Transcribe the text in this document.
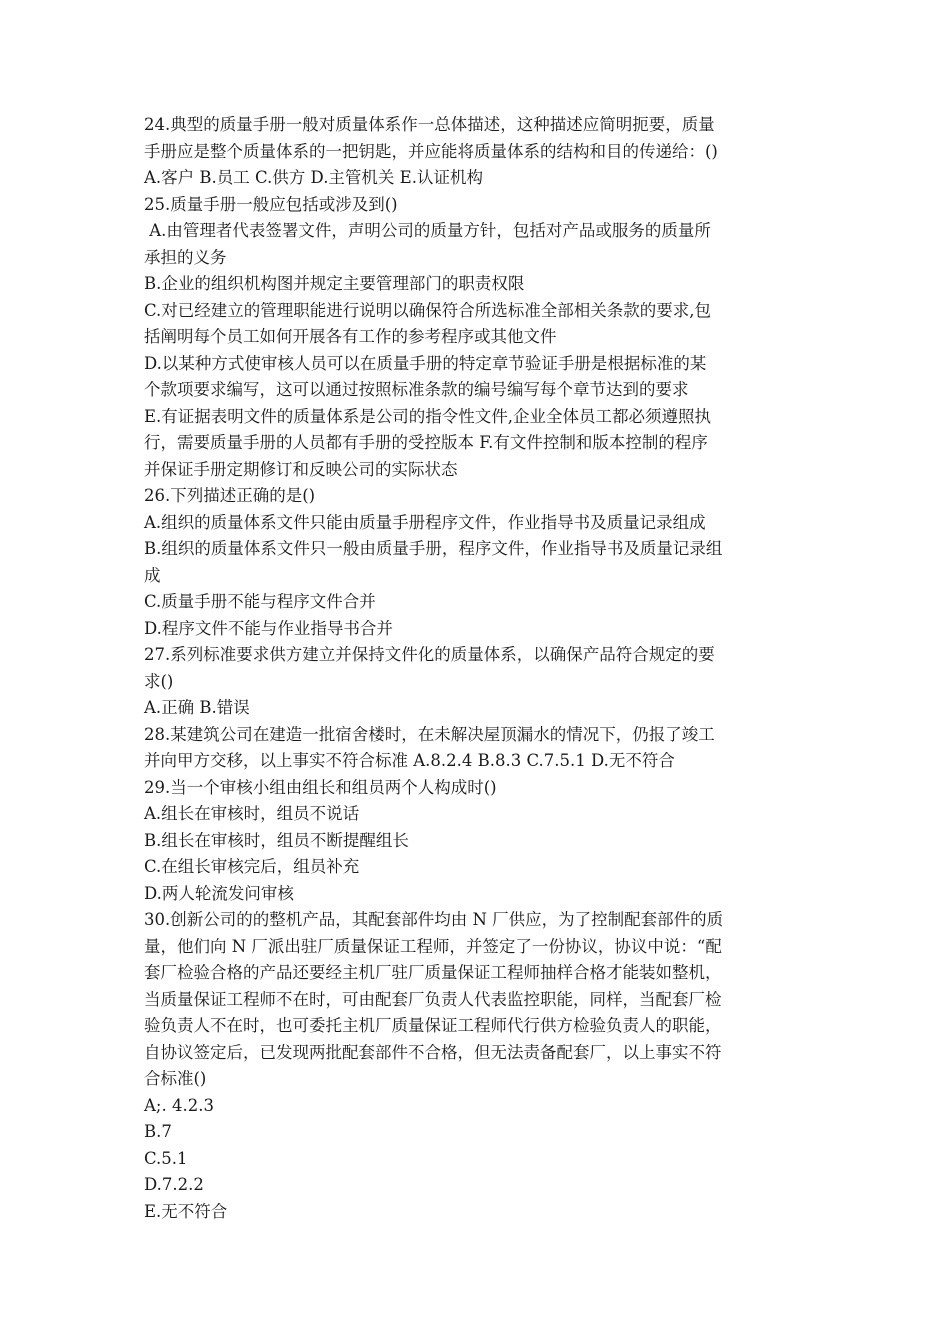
24.典型的质量手册一般对质量体系作一总体描述，这种描述应简明扼要，质量
手册应是整个质量体系的一把钥匙，并应能将质量体系的结构和目的传递给：()
A.客户 B.员工 C.供方 D.主管机关 E.认证机构
25.质量手册一般应包括或涉及到()
A.由管理者代表签署文件，声明公司的质量方针，包括对产品或服务的质量所
承担的义务
B.企业的组织机构图并规定主要管理部门的职责权限
C.对已经建立的管理职能进行说明以确保符合所选标准全部相关条款的要求,包
括阐明每个员工如何开展各有工作的参考程序或其他文件
D.以某种方式使审核人员可以在质量手册的特定章节验证手册是根据标准的某
个款项要求编写，这可以通过按照标准条款的编号编写每个章节达到的要求
E.有证据表明文件的质量体系是公司的指令性文件,企业全体员工都必须遵照执
行，需要质量手册的人员都有手册的受控版本 F.有文件控制和版本控制的程序
并保证手册定期修订和反映公司的实际状态
26.下列描述正确的是()
A.组织的质量体系文件只能由质量手册程序文件，作业指导书及质量记录组成
B.组织的质量体系文件只一般由质量手册，程序文件，作业指导书及质量记录组
成
C.质量手册不能与程序文件合并
D.程序文件不能与作业指导书合并
27.系列标准要求供方建立并保持文件化的质量体系，以确保产品符合规定的要
求()
A.正确 B.错误
28.某建筑公司在建造一批宿舍楼时，在未解决屋顶漏水的情况下，仍报了竣工
并向甲方交移，以上事实不符合标准 A.8.2.4 B.8.3 C.7.5.1 D.无不符合
29.当一个审核小组由组长和组员两个人构成时()
A.组长在审核时，组员不说话
B.组长在审核时，组员不断提醒组长
C.在组长审核完后，组员补充
D.两人轮流发问审核
30.创新公司的的整机产品，其配套部件均由 N 厂供应，为了控制配套部件的质
量，他们向 N 厂派出驻厂质量保证工程师，并签定了一份协议，协议中说：“配
套厂检验合格的产品还要经主机厂驻厂质量保证工程师抽样合格才能装如整机，
当质量保证工程师不在时，可由配套厂负责人代表监控职能，同样，当配套厂检
验负责人不在时，也可委托主机厂质量保证工程师代行供方检验负责人的职能，
自协议签定后，已发现两批配套部件不合格，但无法责备配套厂，以上事实不符
合标准()
A;. 4.2.3
B.7
C.5.1
D.7.2.2
E.无不符合
